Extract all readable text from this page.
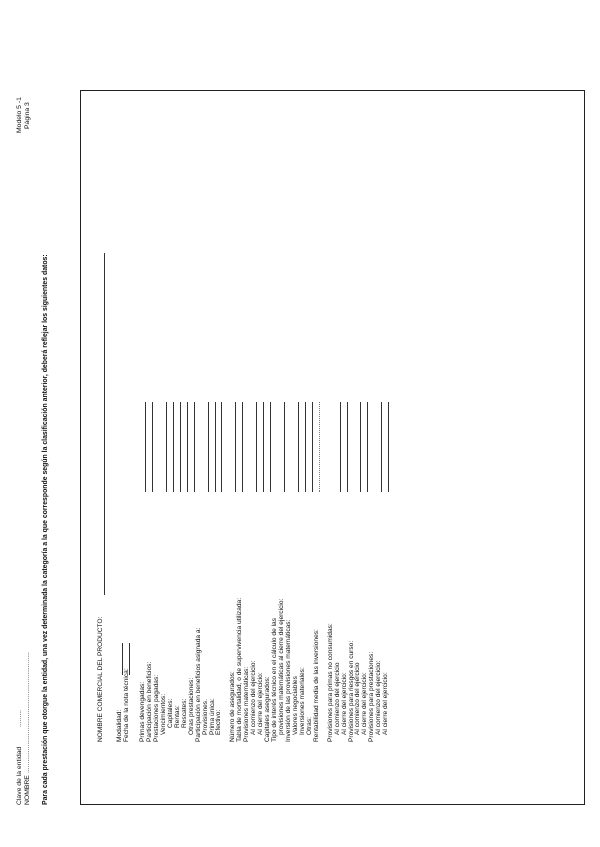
Clave de la entidad
.........
NOMBRE
................................................................
Modelo 5 -1 Página 3
Para cada prestación que otorgue la entidad, una vez determinada la categoría a la que corresponde según la clasificación anterior, deberá reflejar los siguientes datos:	NOMBRE COMERCIAL DEL PRODUCTO: Modalidad: Fecha de la nota técnica: Primas devengadas: Participación en beneficios: Prestaciones pagadas: Vencimientos: Capitales: Rentas: Rescates: Otras prestaciones: Participación en beneficios asignada a: Provisiones. Prima única: Efectivo: Número de asegurados: Tabla de mortalidad, o de supervivencia utilizada: Provisiones matemáticas: Al comienzo del ejercicio: Al cierre del ejercicio: Capitales asegurados: Tipo de interés técnico en el cálculo de las provisiones matemáticas al cierre del ejercicio: Inversión de las provisiones matemáticas: Valores negociables Inversiones materiales: Otras: Rentabilidad media de las inversiones: Provisiones para primas no consumidas: Al comienzo del ejercicio Al cierre del ejercicio: Provisiones para riesgos en curso: Al comienzo del ejercicio Al cierre del ejercicio: Provisiones para prestaciones: Al comienzo del ejercicio: Al cierre del ejercicio:
